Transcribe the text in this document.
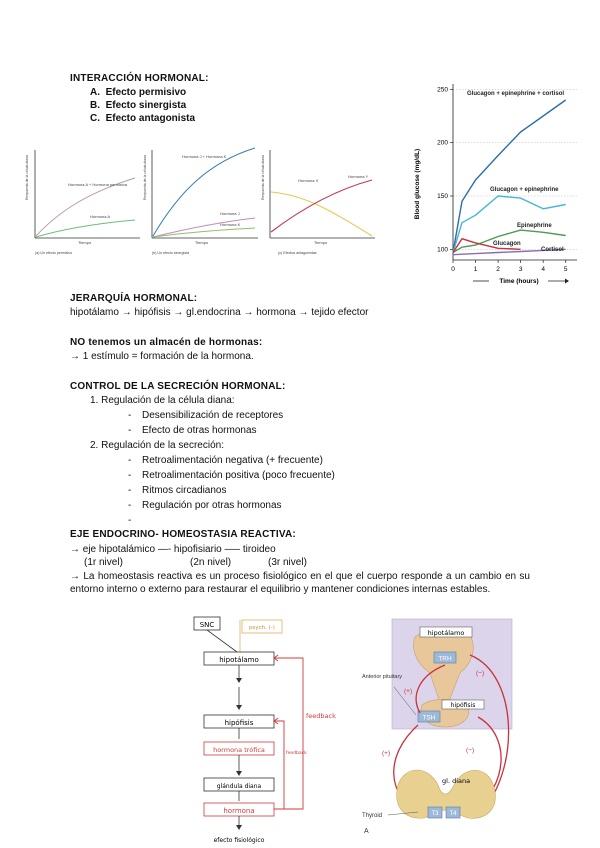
INTERACCIÓN HORMONAL:
A. Efecto permisivo
B. Efecto sinergista
C. Efecto antagonista
Hormona A + Hormona permisiva
Hormona A
Respuesta de la célula diana
Tiempo
(a) Un efecto permisivo
Hormona J + Hormona K
Hormona J
Hormona K
Respuesta de la célula diana
Tiempo
(b) Un efecto sinergista
Hormona X
Hormona Y
Respuesta de la célula diana
Tiempo
(c) Efectos antagonistas
Blood glucose (mg/dL)
100
150
200
250
0	1	2	3	4	5
Glucagon + epinephrine + cortisol
Glucagon + epinephrine
Epinephrine
Glucagon
Cortisol
Time (hours)
JERARQUÍA HORMONAL:
hipotálamo → hipófisis → gl.endocrina → hormona → tejido efector
NO tenemos un almacén de hormonas:
→ 1 estímulo = formación de la hormona.
CONTROL DE LA SECRECIÓN HORMONAL:
1. Regulación de la célula diana:
- Desensibilización de receptores
- Efecto de otras hormonas
2. Regulación de la secreción:
- Retroalimentación negativa (+ frecuente)
- Retroalimentación positiva (poco frecuente)
- Ritmos circadianos
- Regulación por otras hormonas
EJE ENDOCRINO- HOMEOSTASIA REACTIVA:
→ eje hipotalámico —- hipofisiario —– tiroideo
(1r nivel)	(2n nivel)	(3r nivel)
→ La homeostasis reactiva es un proceso fisiológico en el que el cuerpo responde a un cambio en su entorno interno o externo para restaurar el equilibrio y mantener condiciones internas estables.
SNC	psych. (-)
hipotálamo
hipófisis
hormona trófica
glándula diana
hormona
efecto fisiológico
feedback
feedback
hipotálamo
TRH
hipófisis
TSH
Anterior pituitary
(+)
(−)
(+)	(−)
gl. diana
T3 T4
Thyroid
A
